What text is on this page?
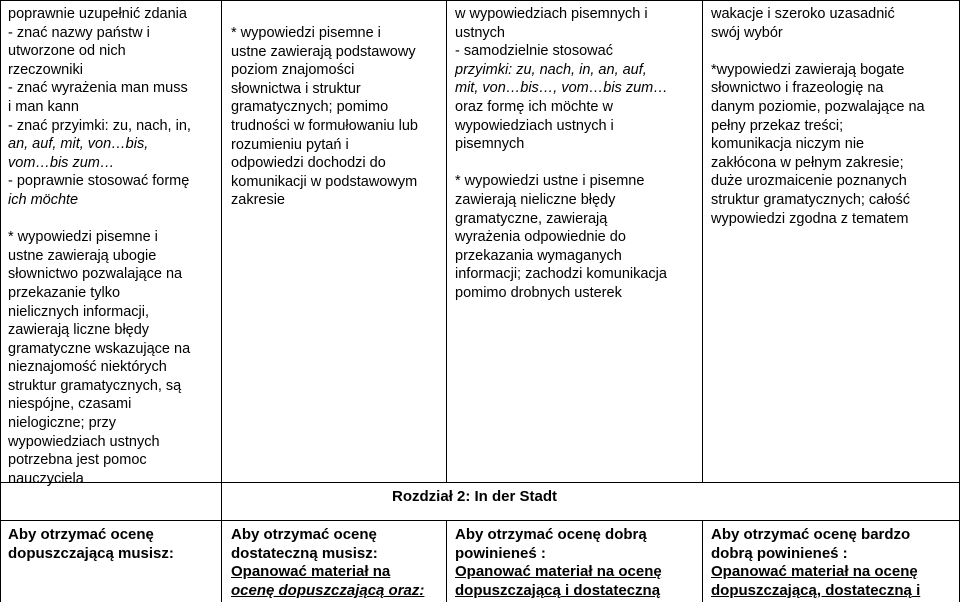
poprawnie uzupełnić zdania
- znać nazwy państw i
utworzone od nich
rzeczowniki
- znać wyrażenia man muss
i man kann
- znać przyimki: zu, nach, in,
an, auf, mit, von…bis,
vom…bis zum…
- poprawnie stosować formę
ich möchte
* wypowiedzi pisemne i
ustne zawierają ubogie
słownictwo pozwalające na
przekazanie tylko
nielicznych informacji,
zawierają liczne błędy
gramatyczne wskazujące na
nieznajomość niektórych
struktur gramatycznych, są
niespójne, czasami
nielogiczne; przy
wypowiedziach ustnych
potrzebna jest pomoc
nauczyciela
* wypowiedzi pisemne i
ustne zawierają podstawowy
poziom znajomości
słownictwa i struktur
gramatycznych; pomimo
trudności w formułowaniu lub
rozumieniu pytań i
odpowiedzi dochodzi do
komunikacji w podstawowym
zakresie
w wypowiedziach pisemnych i
ustnych
- samodzielnie stosować
przyimki: zu, nach, in, an, auf,
mit, von…bis…, vom…bis zum…
oraz formę ich möchte w
wypowiedziach ustnych i
pisemnych
* wypowiedzi ustne i pisemne
zawierają nieliczne błędy
gramatyczne, zawierają
wyrażenia odpowiednie do
przekazania wymaganych
informacji; zachodzi komunikacja
pomimo drobnych usterek
wakacje i szeroko uzasadnić
swój wybór
*wypowiedzi zawierają bogate
słownictwo i frazeologię na
danym poziomie, pozwalające na
pełny przekaz treści;
komunikacja niczym nie
zakłócona w pełnym zakresie;
duże urozmaicenie poznanych
struktur gramatycznych; całość
wypowiedzi zgodna z tematem
Rozdział 2: In der Stadt
Aby otrzymać ocenę
dopuszczającą musisz:
Aby otrzymać ocenę
dostateczną musisz:
Opanować materiał na
ocenę dopuszczającą oraz:
Aby otrzymać ocenę dobrą
powinieneś :
Opanować materiał na ocenę
dopuszczającą i dostateczną
Aby otrzymać ocenę bardzo
dobrą powinieneś :
Opanować materiał na ocenę
dopuszczającą, dostateczną i
